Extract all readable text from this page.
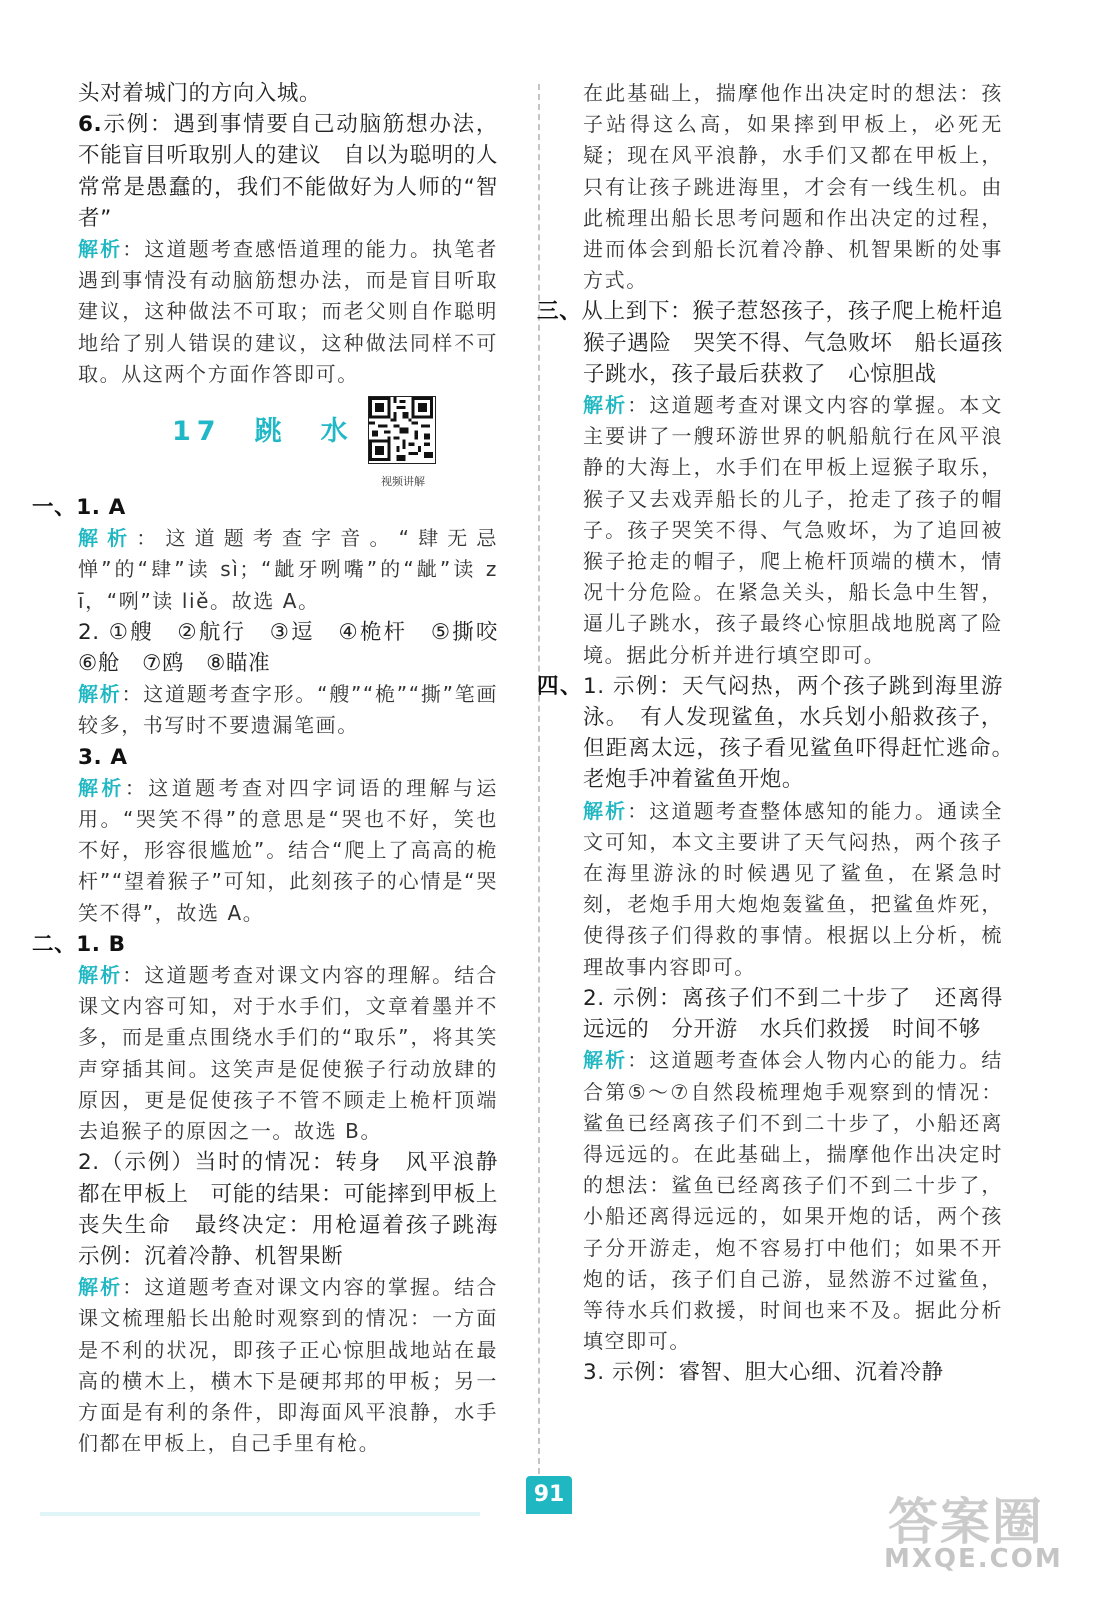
头对着城门的方向入城。

6.示例：遇到事情要自己动脑筋想办法，不能盲目听取别人的建议　自以为聪明的人常常是愚蠢的，我们不能做好为人师的“智者”

解析：这道题考查感悟道理的能力。执笔者遇到事情没有动脑筋想办法，而是盲目听取建议，这种做法不可取；而老父则自作聪明地给了别人错误的建议，这种做法同样不可取。从这两个方面作答即可。

17　跳　水
视频讲解

一、1. A

解析：这道题考查字音。“肆无忌惮”的“肆”读 sì；“龇牙咧嘴”的“龇”读 zī，“咧”读 liě。故选 A。

2. ①艘　②航行　③逗　④桅杆　⑤撕咬　⑥舱　⑦鸥　⑧瞄准

解析：这道题考查字形。“艘”“桅”“撕”笔画较多，书写时不要遗漏笔画。

3. A

解析：这道题考查对四字词语的理解与运用。“哭笑不得”的意思是“哭也不好，笑也不好，形容很尴尬”。结合“爬上了高高的桅杆”“望着猴子”可知，此刻孩子的心情是“哭笑不得”，故选 A。

二、1. B

解析：这道题考查对课文内容的理解。结合课文内容可知，对于水手们，文章着墨并不多，而是重点围绕水手们的“取乐”，将其笑声穿插其间。这笑声是促使猴子行动放肆的原因，更是促使孩子不管不顾走上桅杆顶端去追猴子的原因之一。故选 B。

2.（示例）当时的情况：转身　风平浪静　都在甲板上　可能的结果：可能摔到甲板上丧失生命　最终决定：用枪逼着孩子跳海　示例：沉着冷静、机智果断

解析：这道题考查对课文内容的掌握。结合课文梳理船长出舱时观察到的情况：一方面是不利的状况，即孩子正心惊胆战地站在最高的横木上，横木下是硬邦邦的甲板；另一方面是有利的条件，即海面风平浪静，水手们都在甲板上，自己手里有枪。

在此基础上，揣摩他作出决定时的想法：孩子站得这么高，如果摔到甲板上，必死无疑；现在风平浪静，水手们又都在甲板上，只有让孩子跳进海里，才会有一线生机。由此梳理出船长思考问题和作出决定的过程，进而体会到船长沉着冷静、机智果断的处事方式。

三、从上到下：猴子惹怒孩子，孩子爬上桅杆追猴子遇险　哭笑不得、气急败坏　船长逼孩子跳水，孩子最后获救了　心惊胆战

解析：这道题考查对课文内容的掌握。本文主要讲了一艘环游世界的帆船航行在风平浪静的大海上，水手们在甲板上逗猴子取乐，猴子又去戏弄船长的儿子，抢走了孩子的帽子。孩子哭笑不得、气急败坏，为了追回被猴子抢走的帽子，爬上桅杆顶端的横木，情况十分危险。在紧急关头，船长急中生智，逼儿子跳水，孩子最终心惊胆战地脱离了险境。据此分析并进行填空即可。

四、1. 示例：天气闷热，两个孩子跳到海里游泳。　有人发现鲨鱼，水兵划小船救孩子，但距离太远，孩子看见鲨鱼吓得赶忙逃命。　老炮手冲着鲨鱼开炮。

解析：这道题考查整体感知的能力。通读全文可知，本文主要讲了天气闷热，两个孩子在海里游泳的时候遇见了鲨鱼，在紧急时刻，老炮手用大炮炮轰鲨鱼，把鲨鱼炸死，使得孩子们得救的事情。根据以上分析，梳理故事内容即可。

2. 示例：离孩子们不到二十步了　还离得远远的　分开游　水兵们救援　时间不够

解析：这道题考查体会人物内心的能力。结合第⑤～⑦自然段梳理炮手观察到的情况：鲨鱼已经离孩子们不到二十步了，小船还离得远远的。在此基础上，揣摩他作出决定时的想法：鲨鱼已经离孩子们不到二十步了，小船还离得远远的，如果开炮的话，两个孩子分开游走，炮不容易打中他们；如果不开炮的话，孩子们自己游，显然游不过鲨鱼，等待水兵们救援，时间也来不及。据此分析填空即可。

3. 示例：睿智、胆大心细、沉着冷静

91	答案圈
MXQE.COM
